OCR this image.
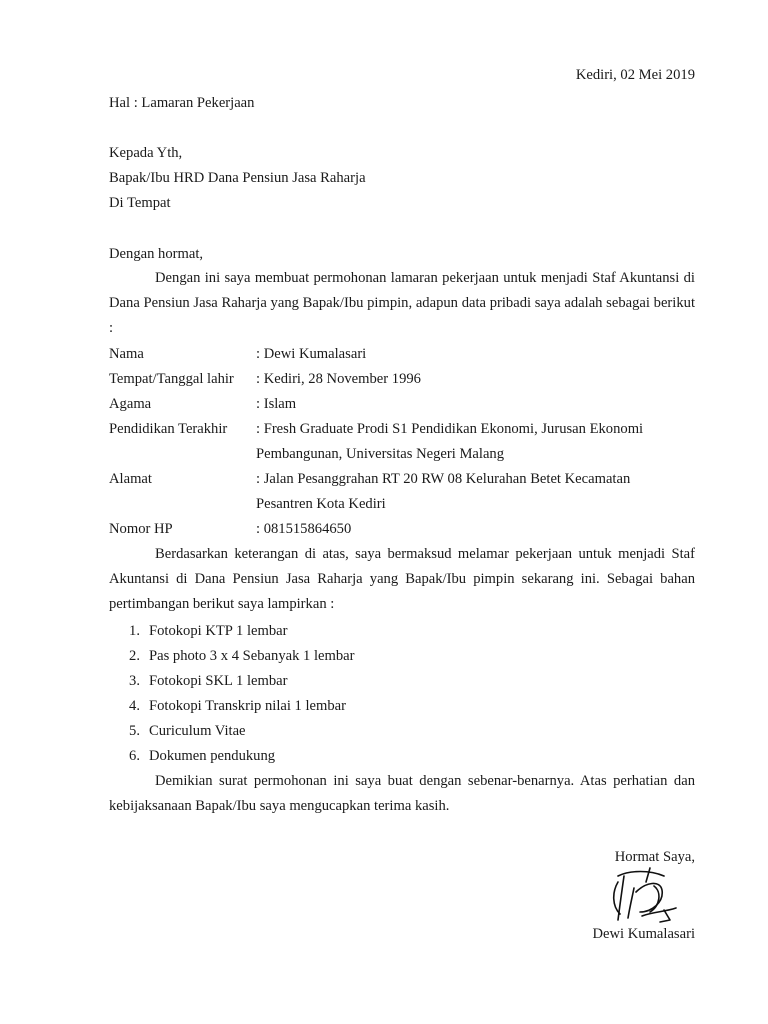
Kediri, 02 Mei 2019
Hal : Lamaran Pekerjaan
Kepada Yth,
Bapak/Ibu HRD Dana Pensiun Jasa Raharja
Di Tempat
Dengan hormat,
Dengan ini saya membuat permohonan lamaran pekerjaan untuk menjadi Staf Akuntansi di Dana Pensiun Jasa Raharja yang Bapak/Ibu pimpin, adapun data pribadi saya adalah sebagai berikut :
Nama	: Dewi Kumalasari
Tempat/Tanggal lahir : Kediri, 28 November 1996
Agama	: Islam
Pendidikan Terakhir : Fresh Graduate Prodi S1 Pendidikan Ekonomi, Jurusan Ekonomi
Pembangunan, Universitas Negeri Malang
Alamat	: Jalan Pesanggrahan RT 20 RW 08 Kelurahan Betet Kecamatan
Pesantren Kota Kediri
Nomor HP	: 081515864650
Berdasarkan keterangan di atas, saya bermaksud melamar pekerjaan untuk menjadi Staf Akuntansi di Dana Pensiun Jasa Raharja yang Bapak/Ibu pimpin sekarang ini. Sebagai bahan pertimbangan berikut saya lampirkan :
1. Fotokopi KTP 1 lembar
2. Pas photo 3 x 4 Sebanyak 1 lembar
3. Fotokopi SKL 1 lembar
4. Fotokopi Transkrip nilai 1 lembar
5. Curiculum Vitae
6. Dokumen pendukung
Demikian surat permohonan ini saya buat dengan sebenar-benarnya. Atas perhatian dan kebijaksanaan Bapak/Ibu saya mengucapkan terima kasih.
Hormat Saya,
Dewi Kumalasari
